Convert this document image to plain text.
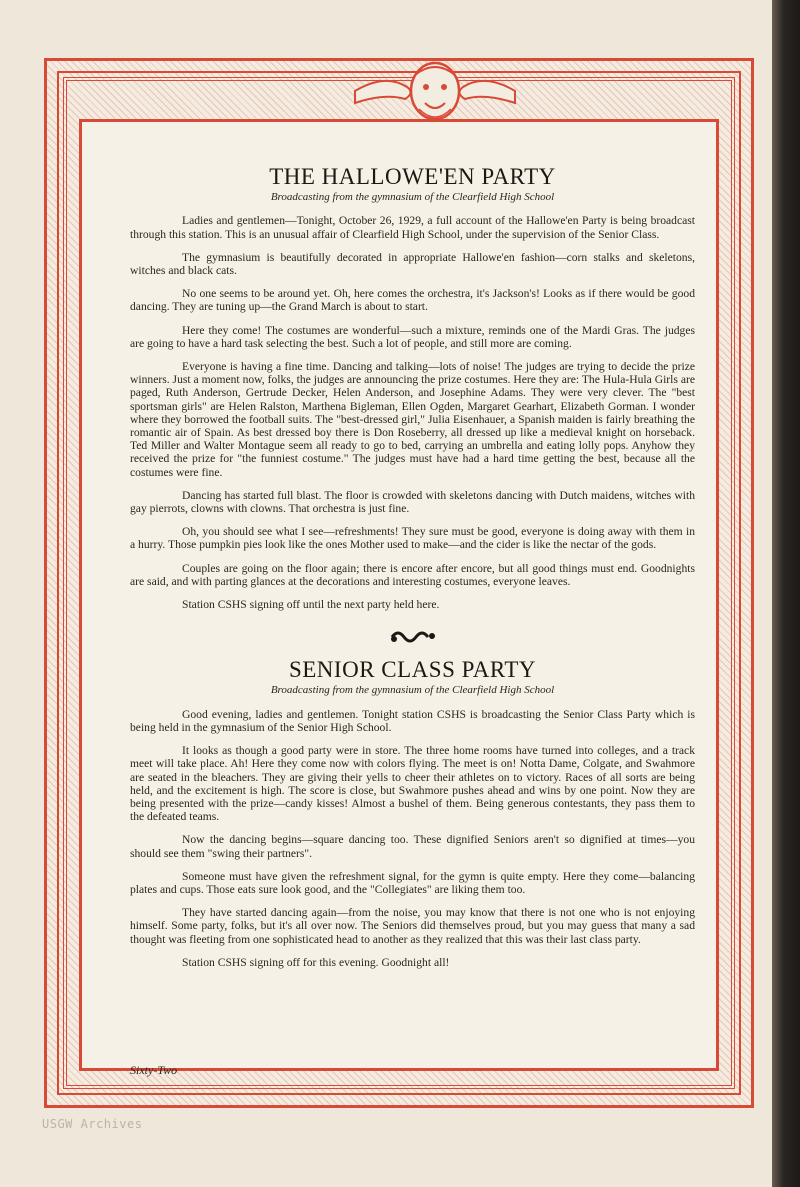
THE HALLOWE'EN PARTY
Broadcasting from the gymnasium of the Clearfield High School

Ladies and gentlemen—Tonight, October 26, 1929, a full account of the Hallowe'en Party is being broadcast through this station. This is an unusual affair of Clearfield High School, under the supervision of the Senior Class.

The gymnasium is beautifully decorated in appropriate Hallowe'en fashion—corn stalks and skeletons, witches and black cats.

No one seems to be around yet. Oh, here comes the orchestra, it's Jackson's! Looks as if there would be good dancing. They are tuning up—the Grand March is about to start.

Here they come! The costumes are wonderful—such a mixture, reminds one of the Mardi Gras. The judges are going to have a hard task selecting the best. Such a lot of people, and still more are coming.

Everyone is having a fine time. Dancing and talking—lots of noise! The judges are trying to decide the prize winners. Just a moment now, folks, the judges are announcing the prize costumes. Here they are: The Hula-Hula Girls are paged, Ruth Anderson, Gertrude Decker, Helen Anderson, and Josephine Adams. They were very clever. The "best sportsman girls" are Helen Ralston, Marthena Bigleman, Ellen Ogden, Margaret Gearhart, Elizabeth Gorman. I wonder where they borrowed the football suits. The "best-dressed girl," Julia Eisenhauer, a Spanish maiden is fairly breathing the romantic air of Spain. As best dressed boy there is Don Roseberry, all dressed up like a medieval knight on horseback. Ted Miller and Walter Montague seem all ready to go to bed, carrying an umbrella and eating lolly pops. Anyhow they received the prize for "the funniest costume." The judges must have had a hard time getting the best, because all the costumes were fine.

Dancing has started full blast. The floor is crowded with skeletons dancing with Dutch maidens, witches with gay pierrots, clowns with clowns. That orchestra is just fine.

Oh, you should see what I see—refreshments! They sure must be good, everyone is doing away with them in a hurry. Those pumpkin pies look like the ones Mother used to make—and the cider is like the nectar of the gods.

Couples are going on the floor again; there is encore after encore, but all good things must end. Goodnights are said, and with parting glances at the decorations and interesting costumes, everyone leaves.

Station CSHS signing off until the next party held here.

SENIOR CLASS PARTY
Broadcasting from the gymnasium of the Clearfield High School

Good evening, ladies and gentlemen. Tonight station CSHS is broadcasting the Senior Class Party which is being held in the gymnasium of the Senior High School.

It looks as though a good party were in store. The three home rooms have turned into colleges, and a track meet will take place. Ah! Here they come now with colors flying. The meet is on! Notta Dame, Colgate, and Swahmore are seated in the bleachers. They are giving their yells to cheer their athletes on to victory. Races of all sorts are being held, and the excitement is high. The score is close, but Swahmore pushes ahead and wins by one point. Now they are being presented with the prize—candy kisses! Almost a bushel of them. Being generous contestants, they pass them to the defeated teams.

Now the dancing begins—square dancing too. These dignified Seniors aren't so dignified at times—you should see them "swing their partners".

Someone must have given the refreshment signal, for the gymn is quite empty. Here they come—balancing plates and cups. Those eats sure look good, and the "Collegiates" are liking them too.

They have started dancing again—from the noise, you may know that there is not one who is not enjoying himself. Some party, folks, but it's all over now. The Seniors did themselves proud, but you may guess that many a sad thought was fleeting from one sophisticated head to another as they realized that this was their last class party.

Station CSHS signing off for this evening. Goodnight all!

Sixty-Two
USGW Archives
